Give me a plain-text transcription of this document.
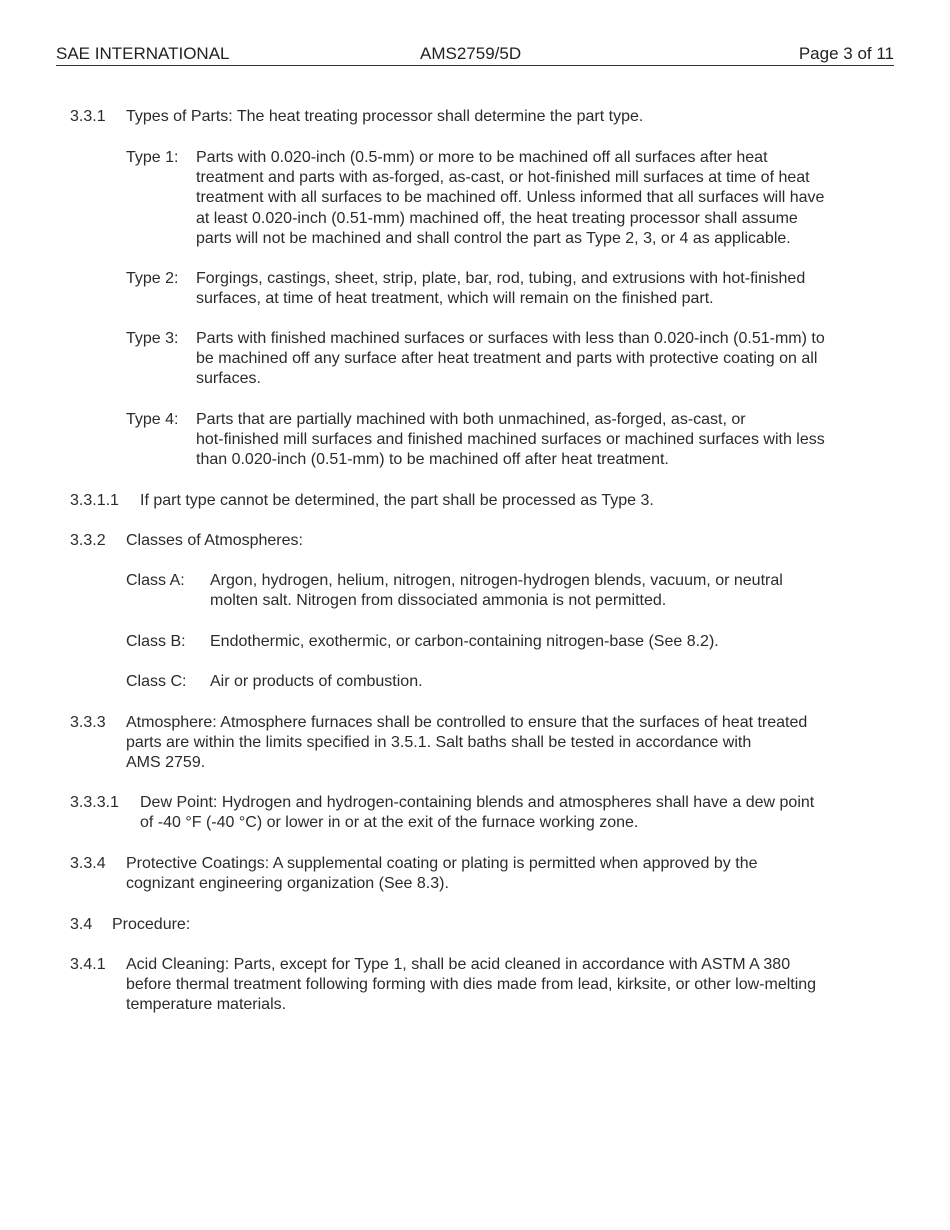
SAE INTERNATIONAL	AMS2759/5D	Page 3 of 11
3.3.1 Types of Parts: The heat treating processor shall determine the part type.
Type 1: Parts with 0.020-inch (0.5-mm) or more to be machined off all surfaces after heat
treatment and parts with as-forged, as-cast, or hot-finished mill surfaces at time of heat
treatment with all surfaces to be machined off. Unless informed that all surfaces will have
at least 0.020-inch (0.51-mm) machined off, the heat treating processor shall assume
parts will not be machined and shall control the part as Type 2, 3, or 4 as applicable.
Type 2: Forgings, castings, sheet, strip, plate, bar, rod, tubing, and extrusions with hot-finished
surfaces, at time of heat treatment, which will remain on the finished part.
Type 3: Parts with finished machined surfaces or surfaces with less than 0.020-inch (0.51-mm) to
be machined off any surface after heat treatment and parts with protective coating on all
surfaces.
Type 4: Parts that are partially machined with both unmachined, as-forged, as-cast, or
hot-finished mill surfaces and finished machined surfaces or machined surfaces with less
than 0.020-inch (0.51-mm) to be machined off after heat treatment.
3.3.1.1 If part type cannot be determined, the part shall be processed as Type 3.
3.3.2 Classes of Atmospheres:
Class A: Argon, hydrogen, helium, nitrogen, nitrogen-hydrogen blends, vacuum, or neutral
molten salt. Nitrogen from dissociated ammonia is not permitted.
Class B: Endothermic, exothermic, or carbon-containing nitrogen-base (See 8.2).
Class C: Air or products of combustion.
3.3.3 Atmosphere: Atmosphere furnaces shall be controlled to ensure that the surfaces of heat treated
parts are within the limits specified in 3.5.1. Salt baths shall be tested in accordance with
AMS 2759.
3.3.3.1 Dew Point: Hydrogen and hydrogen-containing blends and atmospheres shall have a dew point
of -40 °F (-40 °C) or lower in or at the exit of the furnace working zone.
3.3.4 Protective Coatings: A supplemental coating or plating is permitted when approved by the
cognizant engineering organization (See 8.3).
3.4 Procedure:
3.4.1 Acid Cleaning: Parts, except for Type 1, shall be acid cleaned in accordance with ASTM A 380
before thermal treatment following forming with dies made from lead, kirksite, or other low-melting
temperature materials.
